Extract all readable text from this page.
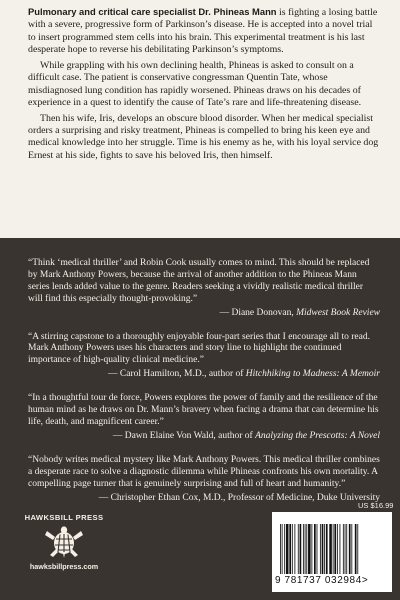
Pulmonary and critical care specialist Dr. Phineas Mann is fighting a losing battle with a severe, progressive form of Parkinson’s disease. He is accepted into a novel trial to insert programmed stem cells into his brain. This experimental treatment is his last desperate hope to reverse his debilitating Parkinson’s symptoms.

While grappling with his own declining health, Phineas is asked to consult on a difficult case. The patient is conservative congressman Quentin Tate, whose misdiagnosed lung condition has rapidly worsened. Phineas draws on his decades of experience in a quest to identify the cause of Tate’s rare and life-threatening disease.

Then his wife, Iris, develops an obscure blood disorder. When her medical specialist orders a surprising and risky treatment, Phineas is compelled to bring his keen eye and medical knowledge into her struggle. Time is his enemy as he, with his loyal service dog Ernest at his side, fights to save his beloved Iris, then himself.

“Think ‘medical thriller’ and Robin Cook usually comes to mind. This should be replaced by Mark Anthony Powers, because the arrival of another addition to the Phineas Mann series lends added value to the genre. Readers seeking a vividly realistic medical thriller will find this especially thought-provoking.”
— Diane Donovan, Midwest Book Review
“A stirring capstone to a thoroughly enjoyable four-part series that I encourage all to read. Mark Anthony Powers uses his characters and story line to highlight the continued importance of high-quality clinical medicine.”
— Carol Hamilton, M.D., author of Hitchhiking to Madness: A Memoir
“In a thoughtful tour de force, Powers explores the power of family and the resilience of the human mind as he draws on Dr. Mann’s bravery when facing a drama that can determine his life, death, and magnificent career.”
— Dawn Elaine Von Wald, author of Analyzing the Prescotts: A Novel
“Nobody writes medical mystery like Mark Anthony Powers. This medical thriller combines a desperate race to solve a diagnostic dilemma while Phineas confronts his own mortality. A compelling page turner that is genuinely surprising and full of heart and humanity.”
— Christopher Ethan Cox, M.D., Professor of Medicine, Duke University
HAWKSBILL PRESS
hawksbillpress.com
US $16.99
9 781737 032984>
